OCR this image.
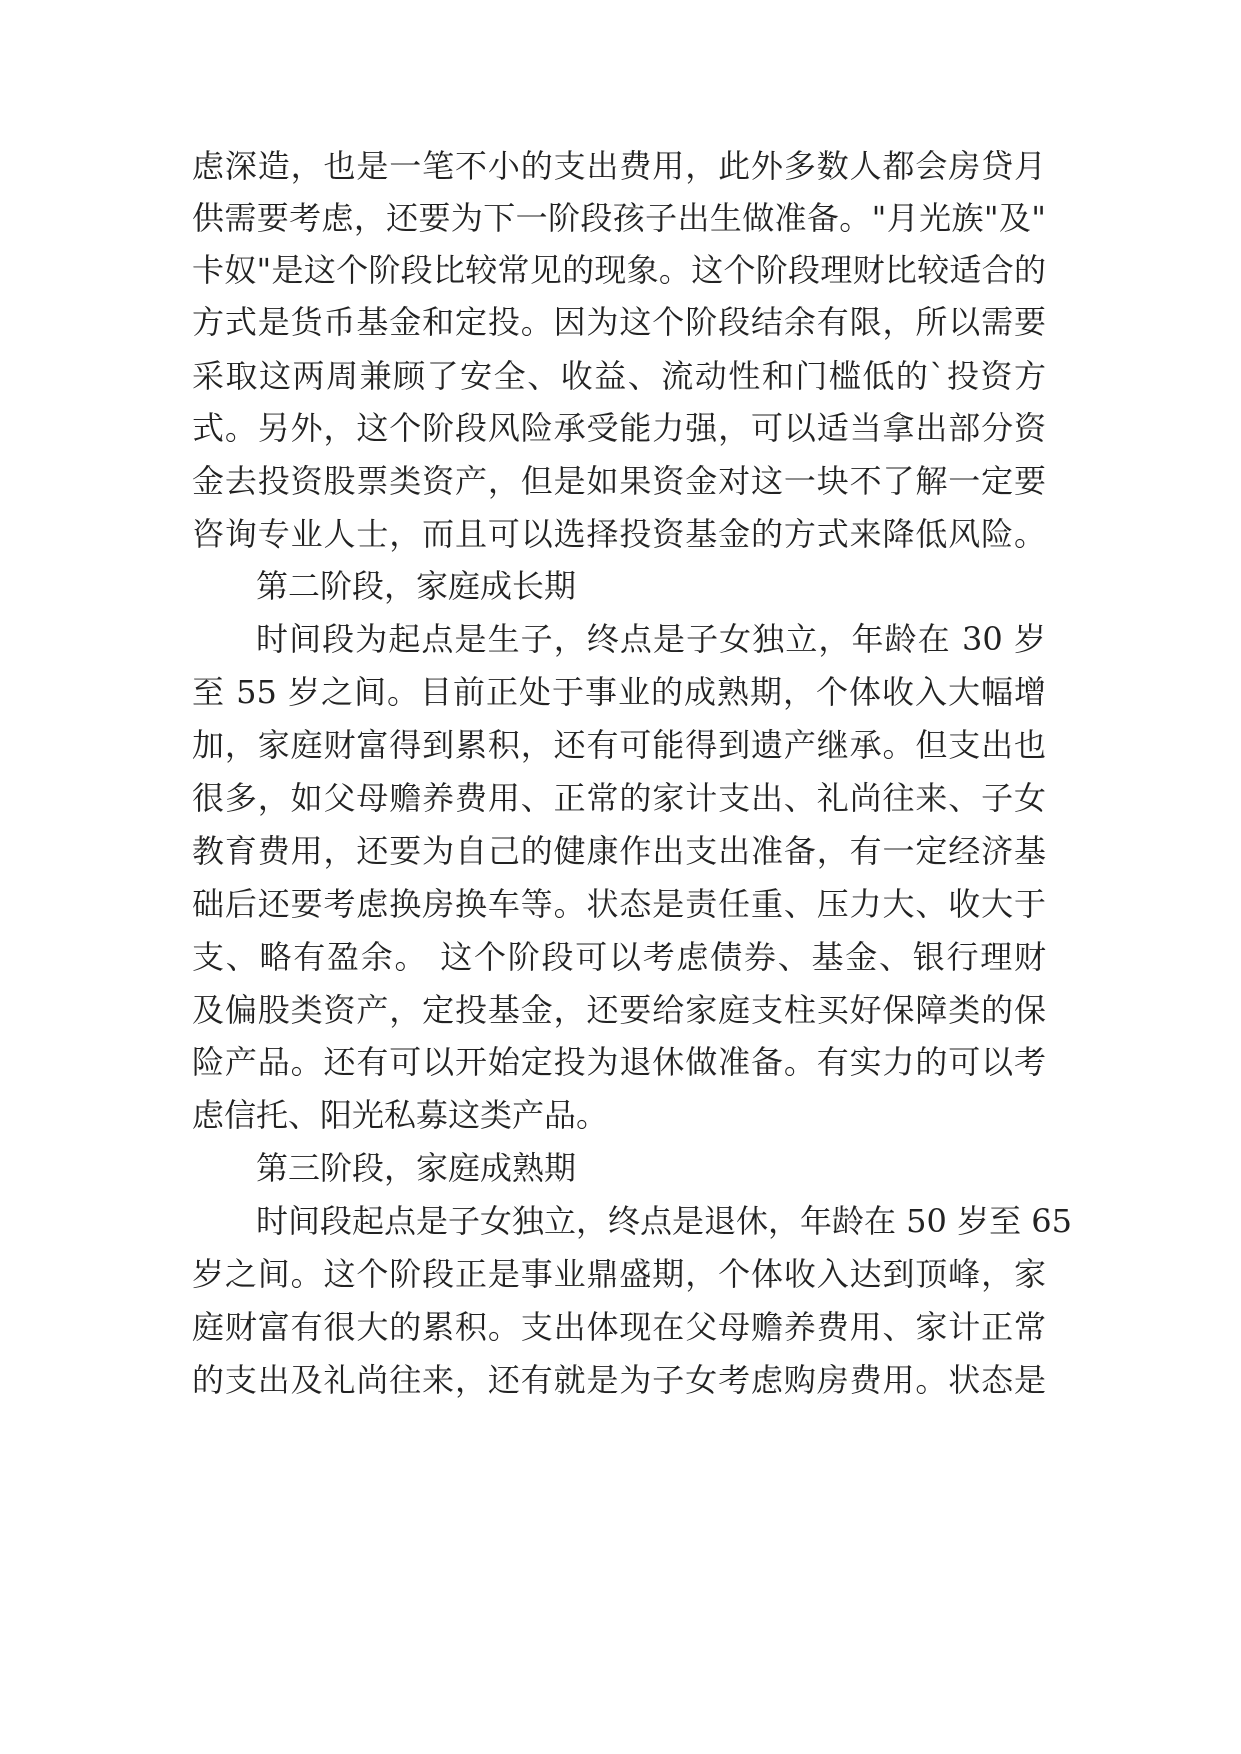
虑深造，也是一笔不小的支出费用，此外多数人都会房贷月
供需要考虑，还要为下一阶段孩子出生做准备。"月光族"及"
卡奴"是这个阶段比较常见的现象。这个阶段理财比较适合的
方式是货币基金和定投。因为这个阶段结余有限，所以需要
采取这两周兼顾了安全、收益、流动性和门槛低的`投资方
式。另外，这个阶段风险承受能力强，可以适当拿出部分资
金去投资股票类资产，但是如果资金对这一块不了解一定要
咨询专业人士，而且可以选择投资基金的方式来降低风险。
第二阶段，家庭成长期
时间段为起点是生子，终点是子女独立，年龄在 30 岁
至 55 岁之间。目前正处于事业的成熟期，个体收入大幅增
加，家庭财富得到累积，还有可能得到遗产继承。但支出也
很多，如父母赡养费用、正常的家计支出、礼尚往来、子女
教育费用，还要为自己的健康作出支出准备，有一定经济基
础后还要考虑换房换车等。状态是责任重、压力大、收大于
支、略有盈余。 这个阶段可以考虑债券、基金、银行理财
及偏股类资产，定投基金，还要给家庭支柱买好保障类的保
险产品。还有可以开始定投为退休做准备。有实力的可以考
虑信托、阳光私募这类产品。
第三阶段，家庭成熟期
时间段起点是子女独立，终点是退休，年龄在 50 岁至 65
岁之间。这个阶段正是事业鼎盛期，个体收入达到顶峰，家
庭财富有很大的累积。支出体现在父母赡养费用、家计正常
的支出及礼尚往来，还有就是为子女考虑购房费用。状态是
